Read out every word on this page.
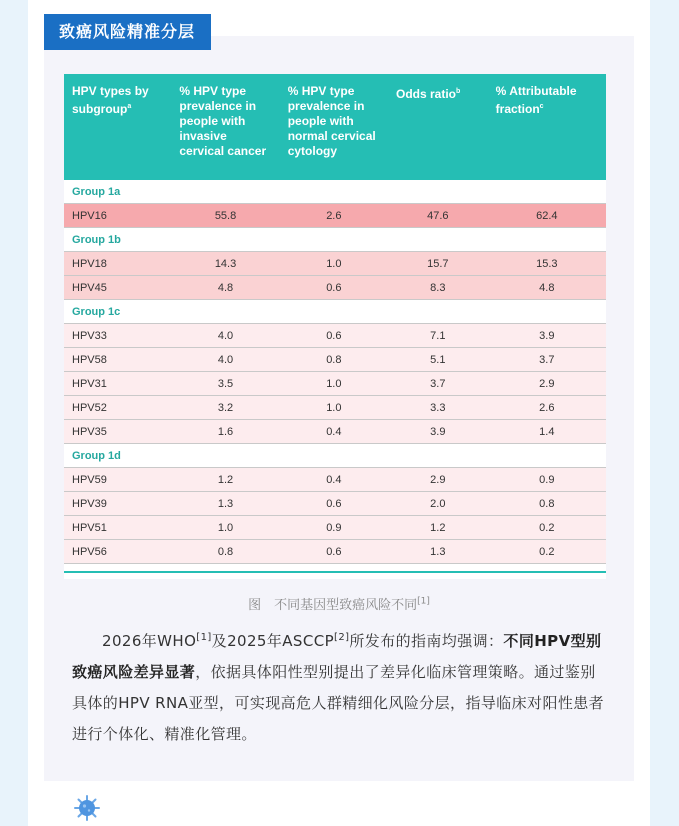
致癌风险精准分层
HPV types by subgroup$^a$	% HPV type prevalence in people with invasive cervical cancer	% HPV type prevalence in people with normal cervical cytology	Odds ratio$^b$	% Attributable fraction$^c$
Group 1a				
HPV16	55.8	2.6	47.6	62.4
Group 1b				
HPV18	14.3	1.0	15.7	15.3
HPV45	4.8	0.6	8.3	4.8
Group 1c				
HPV33	4.0	0.6	7.1	3.9
HPV58	4.0	0.8	5.1	3.7
HPV31	3.5	1.0	3.7	2.9
HPV52	3.2	1.0	3.3	2.6
HPV35	1.6	0.4	3.9	1.4
Group 1d				
HPV59	1.2	0.4	2.9	0.9
HPV39	1.3	0.6	2.0	0.8
HPV51	1.0	0.9	1.2	0.2
HPV56	0.8	0.6	1.3	0.2
图　不同基因型致癌风险不同[1]
2026年WHO[1]及2025年ASCCP[2]所发布的指南均强调：不同HPV型别致癌风险差异显著，依据具体阳性型别提出了差异化临床管理策略。通过鉴别具体的HPV RNA亚型，可实现高危人群精细化风险分层，指导临床对阳性患者进行个体化、精准化管理。
